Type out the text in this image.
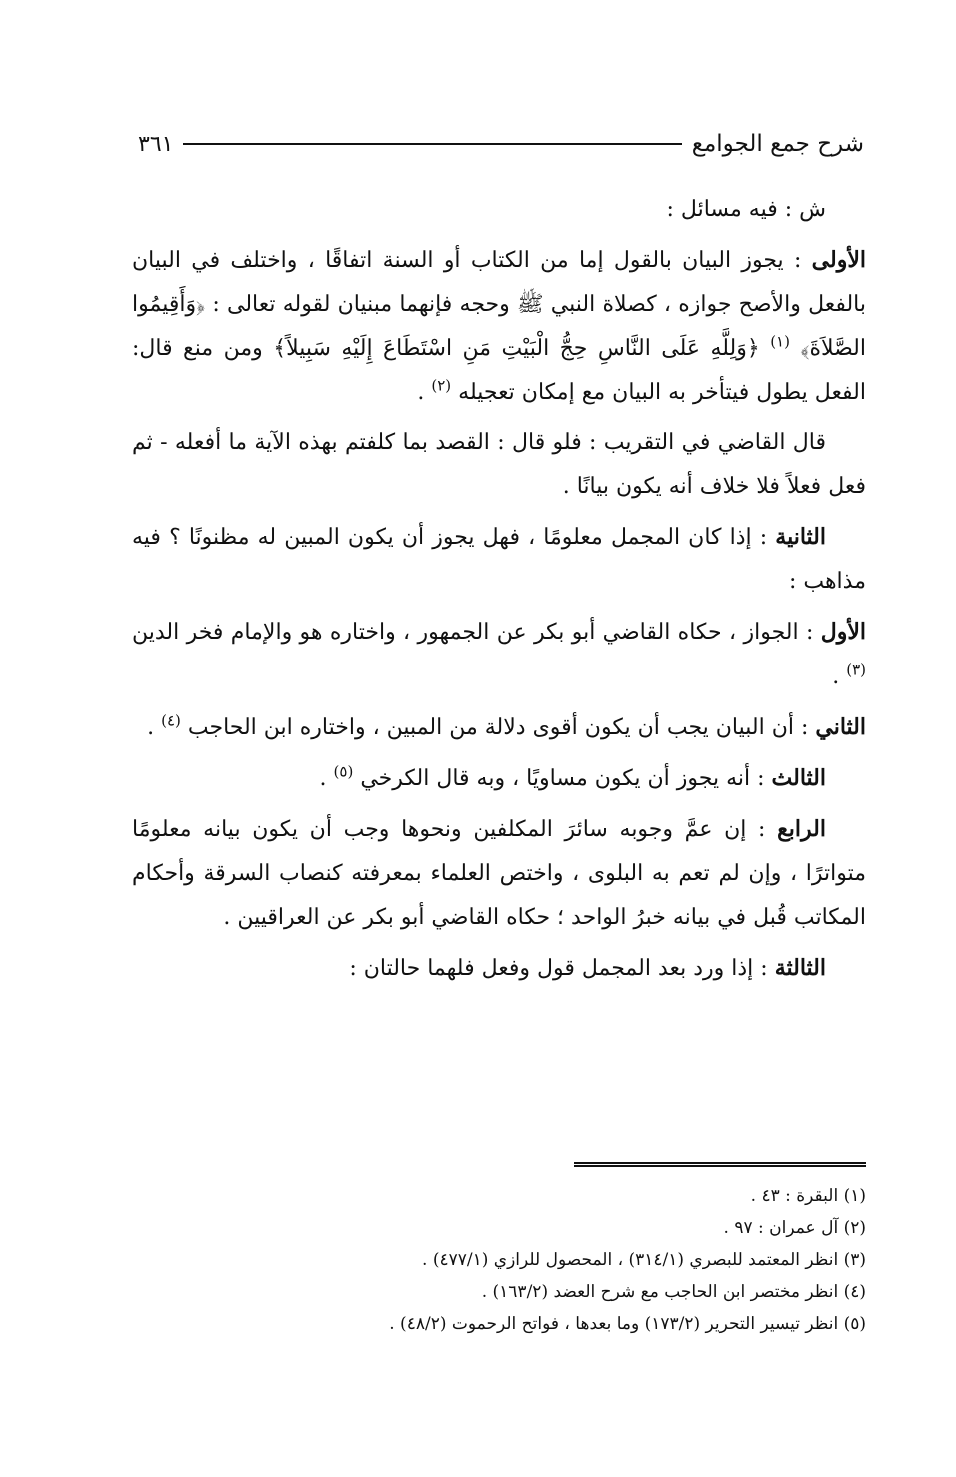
شرح جمع الجوامع
٣٦١

ش : فيه مسائل :

الأولى : يجوز البيان بالقول إما من الكتاب أو السنة اتفاقًا ، واختلف في البيان بالفعل والأصح جوازه ، كصلاة النبي ﷺ وحجه فإنهما مبنيان لقوله تعالى : ﴿وَأَقِيمُوا الصَّلاَةَ﴾ $^{(١)}$ ﴿وَلِلَّهِ عَلَى النَّاسِ حِجُّ الْبَيْتِ مَنِ اسْتَطَاعَ إِلَيْهِ سَبِيلاً﴾ ومن منع قال: الفعل يطول فيتأخر به البيان مع إمكان تعجيله $^{(٢)}$ .

قال القاضي في التقريب : فلو قال : القصد بما كلفتم بهذه الآية ما أفعله - ثم فعل فعلاً فلا خلاف أنه يكون بيانًا .

الثانية : إذا كان المجمل معلومًا ، فهل يجوز أن يكون المبين له مظنونًا ؟ فيه مذاهب :

الأول : الجواز ، حكاه القاضي أبو بكر عن الجمهور ، واختاره هو والإمام فخر الدين $^{(٣)}$ .

الثاني : أن البيان يجب أن يكون أقوى دلالة من المبين ، واختاره ابن الحاجب $^{(٤)}$ .

الثالث : أنه يجوز أن يكون مساويًا ، وبه قال الكرخي $^{(٥)}$ .

الرابع : إن عمَّ وجوبه سائرَ المكلفين ونحوها وجب أن يكون بيانه معلومًا متواترًا ، وإن لم تعم به البلوى ، واختص العلماء بمعرفته كنصاب السرقة وأحكام المكاتب قُبل في بيانه خبرُ الواحد ؛ حكاه القاضي أبو بكر عن العراقيين .

الثالثة : إذا ورد بعد المجمل قول وفعل فلهما حالتان :

(١) البقرة : ٤٣ .

(٢) آل عمران : ٩٧ .

(٣) انظر المعتمد للبصري (٣١٤/١) ، المحصول للرازي (٤٧٧/١) .

(٤) انظر مختصر ابن الحاجب مع شرح العضد (١٦٣/٢) .

(٥) انظر تيسير التحرير (١٧٣/٢) وما بعدها ، فواتح الرحموت (٤٨/٢) .
